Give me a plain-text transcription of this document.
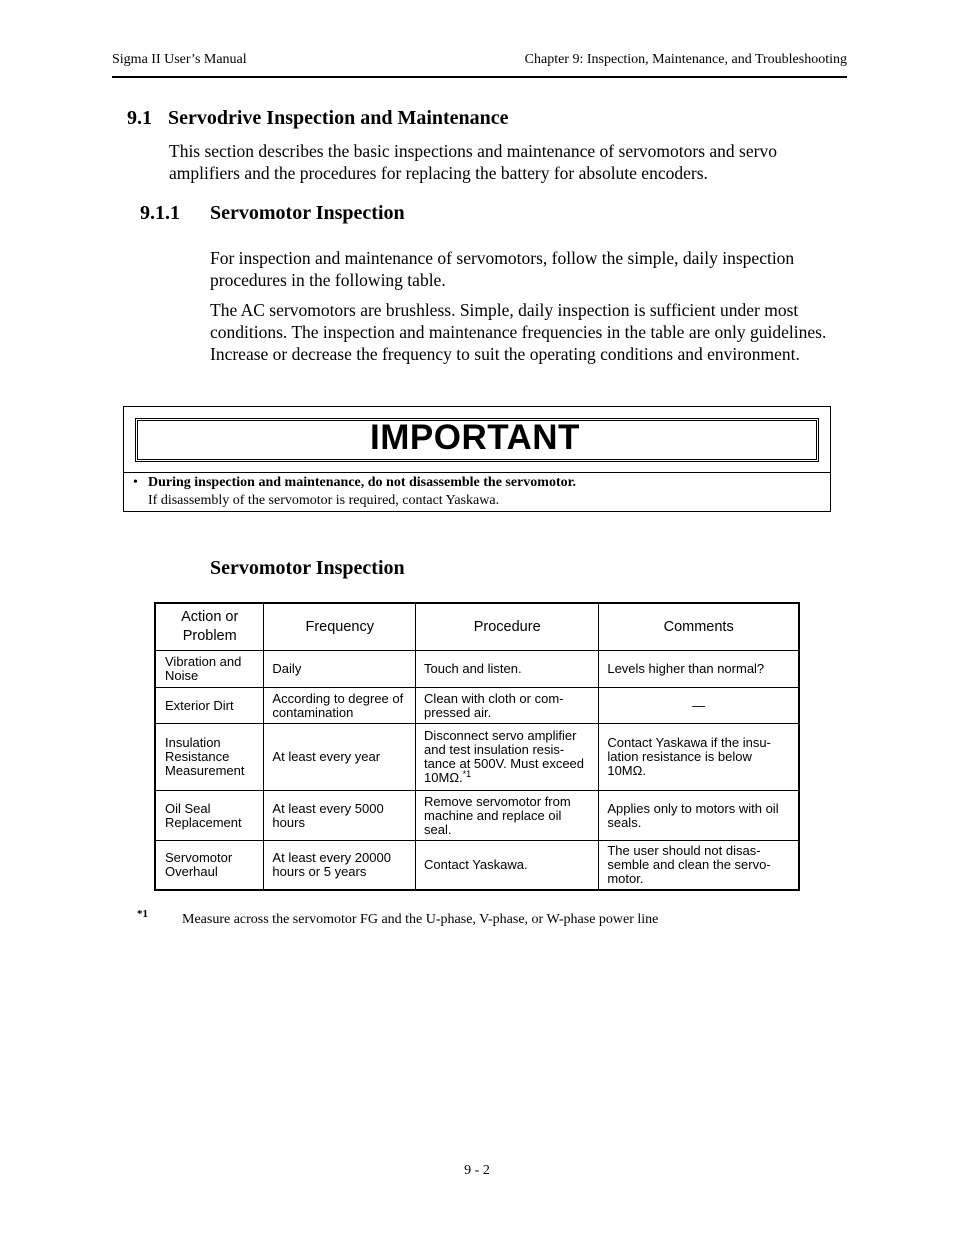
Sigma II User’s Manual	Chapter 9: Inspection, Maintenance, and Troubleshooting
9.1 Servodrive Inspection and Maintenance
This section describes the basic inspections and maintenance of servomotors and servo amplifiers and the procedures for replacing the battery for absolute encoders.
9.1.1 Servomotor Inspection
For inspection and maintenance of servomotors, follow the simple, daily inspection procedures in the following table.
The AC servomotors are brushless. Simple, daily inspection is sufficient under most conditions. The inspection and maintenance frequencies in the table are only guidelines. Increase or decrease the frequency to suit the operating conditions and environment.
IMPORTANT
• During inspection and maintenance, do not disassemble the servomotor.
If disassembly of the servomotor is required, contact Yaskawa.
Servomotor Inspection
Action or Problem	Frequency	Procedure	Comments
Vibration and Noise	Daily	Touch and listen.	Levels higher than normal?
Exterior Dirt	According to degree of contamination	Clean with cloth or com-pressed air.	—
Insulation Resistance Measurement	At least every year	Disconnect servo amplifier and test insulation resis-tance at 500V. Must exceed 10MΩ.$^{*1}$	Contact Yaskawa if the insu-lation resistance is below 10MΩ.
Oil Seal Replacement	At least every 5000 hours	Remove servomotor from machine and replace oil seal.	Applies only to motors with oil seals.
Servomotor Overhaul	At least every 20000 hours or 5 years	Contact Yaskawa.	The user should not disas-semble and clean the servo-motor.
*1 Measure across the servomotor FG and the U-phase, V-phase, or W-phase power line
9 - 2
